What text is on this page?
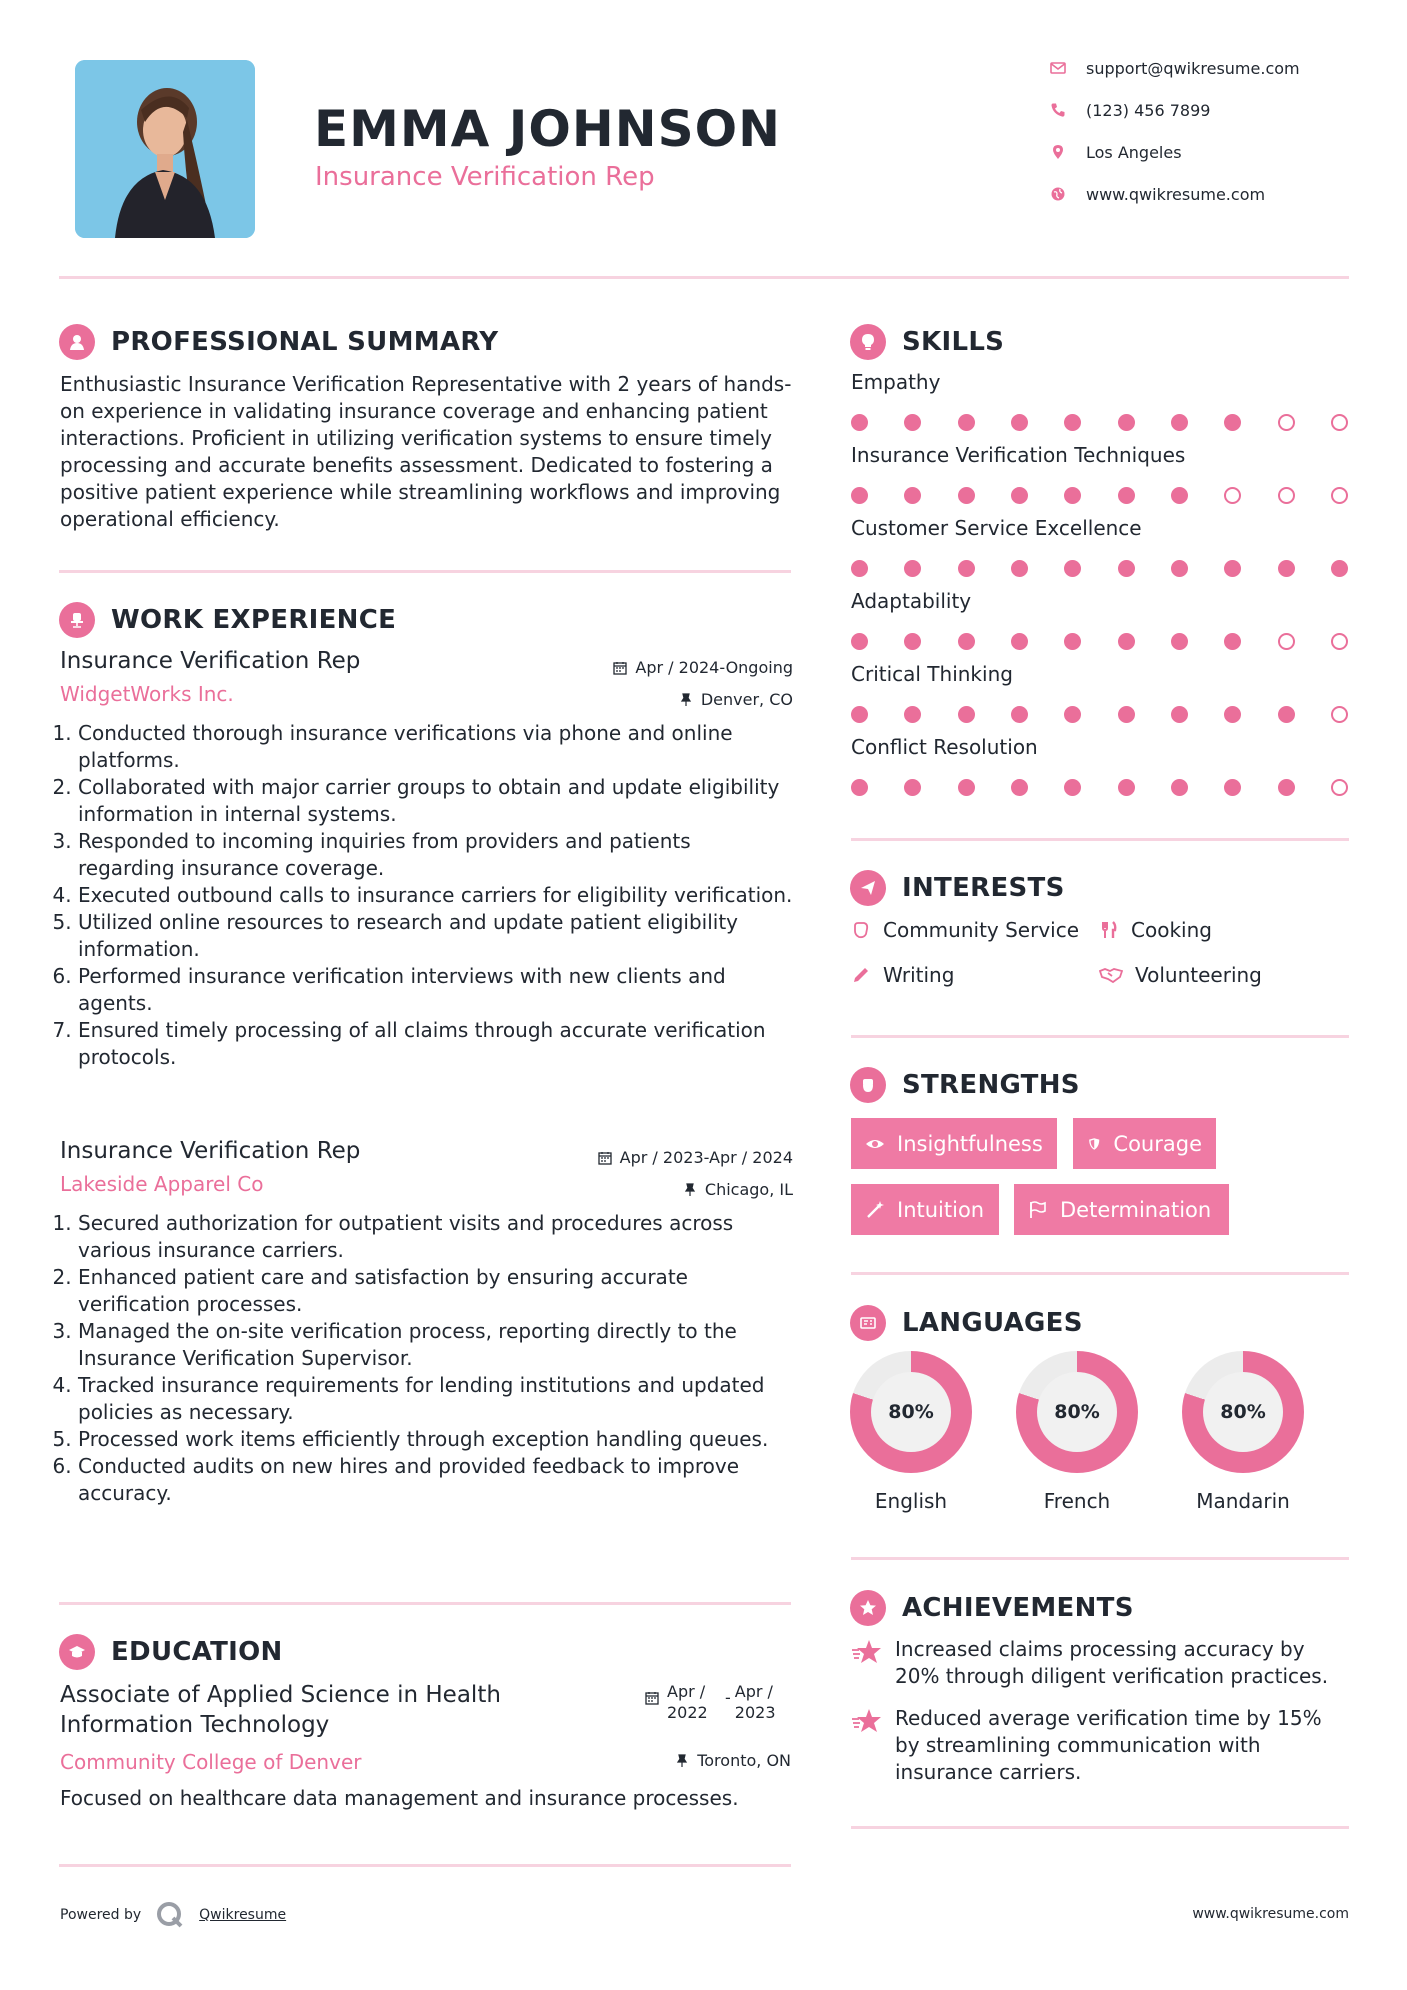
EMMA JOHNSON
Insurance Verification Rep
support@qwikresume.com
(123) 456 7899
Los Angeles
www.qwikresume.com
PROFESSIONAL SUMMARY
Enthusiastic Insurance Verification Representative with 2 years of hands-on experience in validating insurance coverage and enhancing patient interactions. Proficient in utilizing verification systems to ensure timely processing and accurate benefits assessment. Dedicated to fostering a positive patient experience while streamlining workflows and improving operational efficiency.
WORK EXPERIENCE
Insurance Verification Rep
WidgetWorks Inc.
Apr / 2024-Ongoing
Denver, CO
1. Conducted thorough insurance verifications via phone and online platforms.
2. Collaborated with major carrier groups to obtain and update eligibility information in internal systems.
3. Responded to incoming inquiries from providers and patients regarding insurance coverage.
4. Executed outbound calls to insurance carriers for eligibility verification.
5. Utilized online resources to research and update patient eligibility information.
6. Performed insurance verification interviews with new clients and agents.
7. Ensured timely processing of all claims through accurate verification protocols.
Insurance Verification Rep
Lakeside Apparel Co
Apr / 2023-Apr / 2024
Chicago, IL
1. Secured authorization for outpatient visits and procedures across various insurance carriers.
2. Enhanced patient care and satisfaction by ensuring accurate verification processes.
3. Managed the on-site verification process, reporting directly to the Insurance Verification Supervisor.
4. Tracked insurance requirements for lending institutions and updated policies as necessary.
5. Processed work items efficiently through exception handling queues.
6. Conducted audits on new hires and provided feedback to improve accuracy.
EDUCATION
Associate of Applied Science in Health Information Technology
Apr / 2022
- Apr / 2023
Community College of Denver	Toronto, ON
Focused on healthcare data management and insurance processes.
SKILLS
Empathy
Insurance Verification Techniques
Customer Service Excellence
Adaptability
Critical Thinking
Conflict Resolution
INTERESTS
Community Service	Cooking
Writing	Volunteering
STRENGTHS
Insightfulness	Courage
Intuition	Determination
LANGUAGES
80%
English
80%
French
80%
Mandarin
ACHIEVEMENTS
Increased claims processing accuracy by 20% through diligent verification practices.
Reduced average verification time by 15% by streamlining communication with insurance carriers.
Powered by	Qwikresume	www.qwikresume.com
